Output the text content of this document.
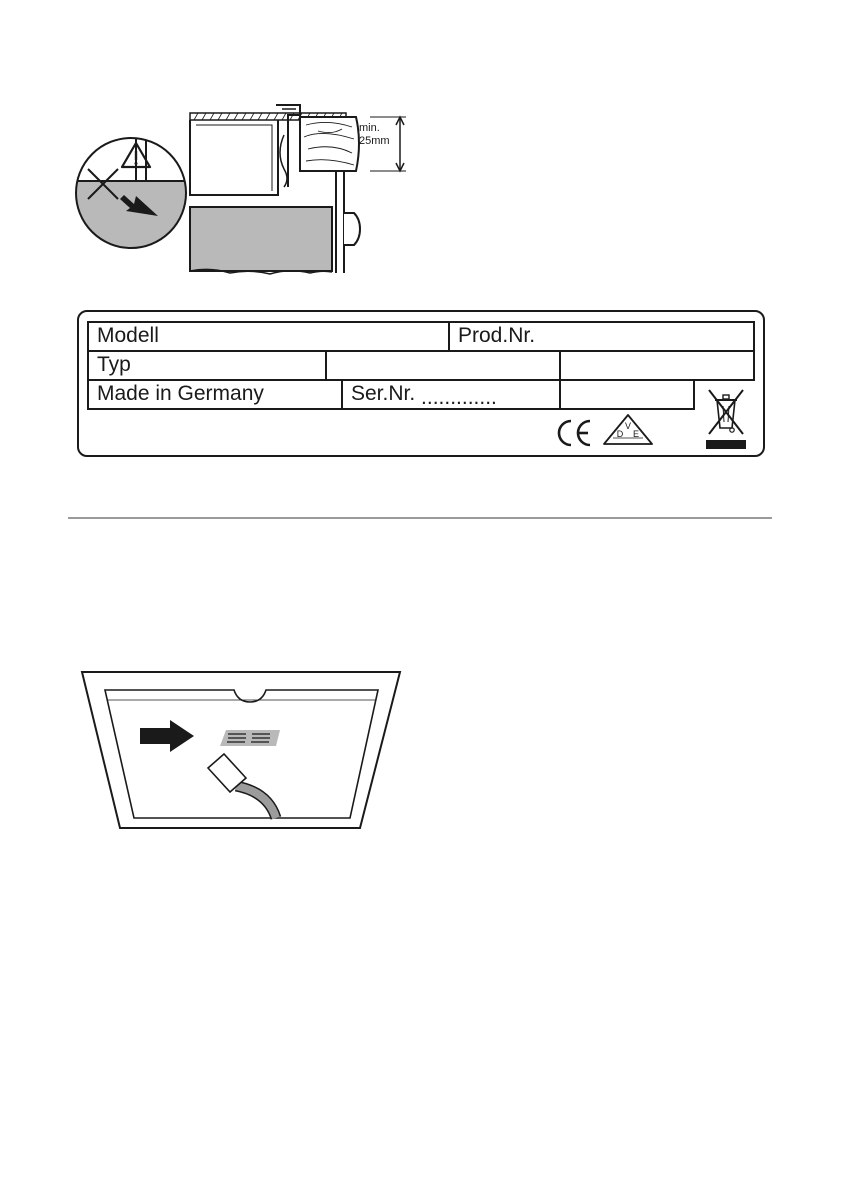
min.
25mm
Modell	Prod.Nr.
Typ
Made in Germany	Ser.Nr. .............
V
D E
